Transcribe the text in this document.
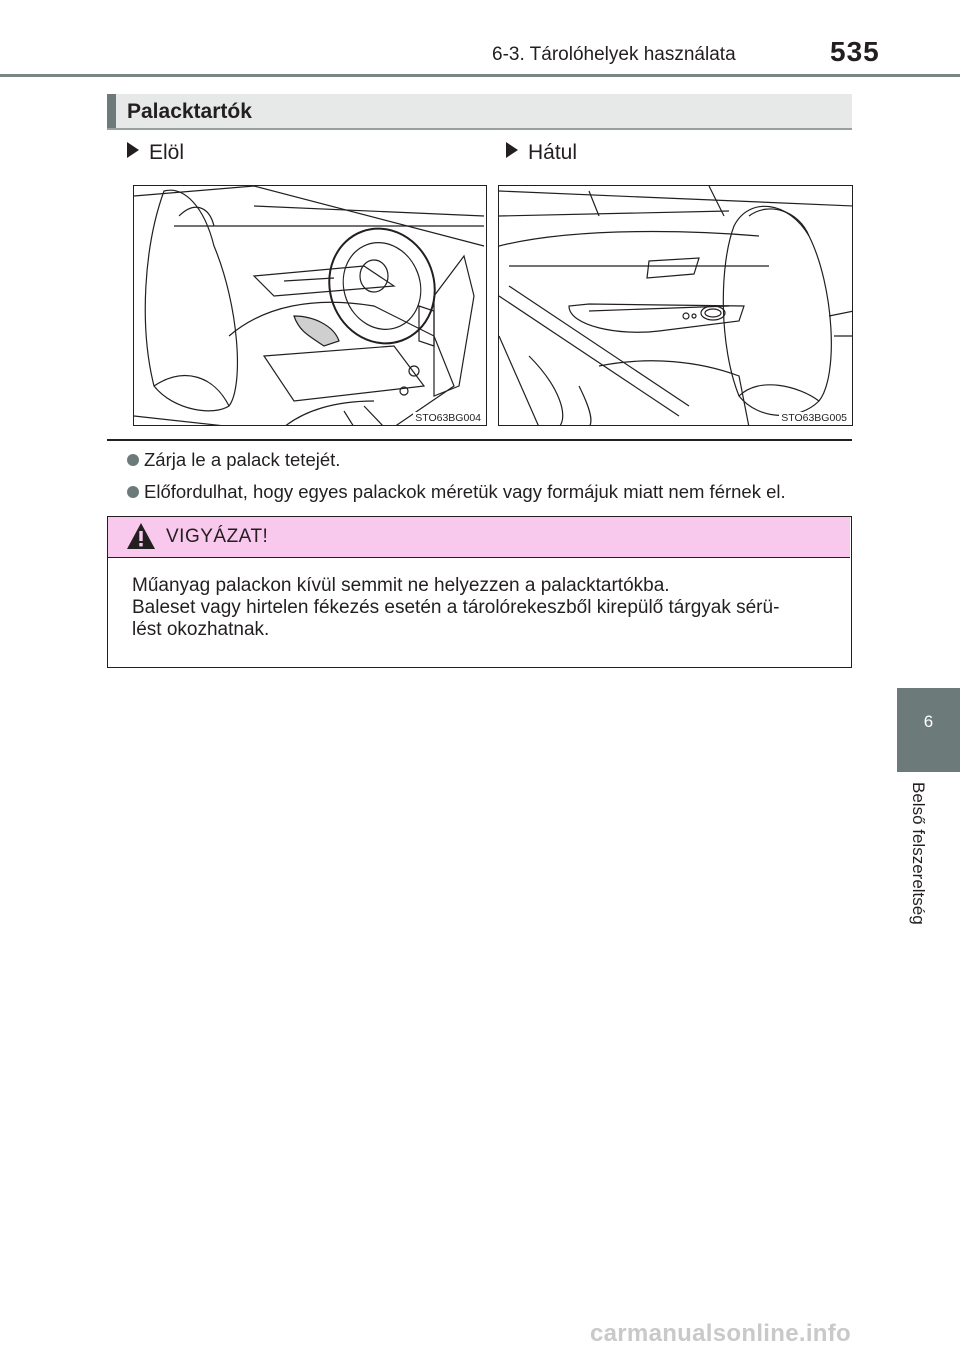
6-3. Tárolóhelyek használata	535
6
Belső felszereltség
Palacktartók
Elöl	Hátul
STO63BG004	STO63BG005
Zárja le a palack tetejét.
Előfordulhat, hogy egyes palackok méretük vagy formájuk miatt nem férnek el.
VIGYÁZAT!
Műanyag palackon kívül semmit ne helyezzen a palacktartókba.
Baleset vagy hirtelen fékezés esetén a tárolórekeszből kirepülő tárgyak sérü-
lést okozhatnak.
carmanualsonline.info
